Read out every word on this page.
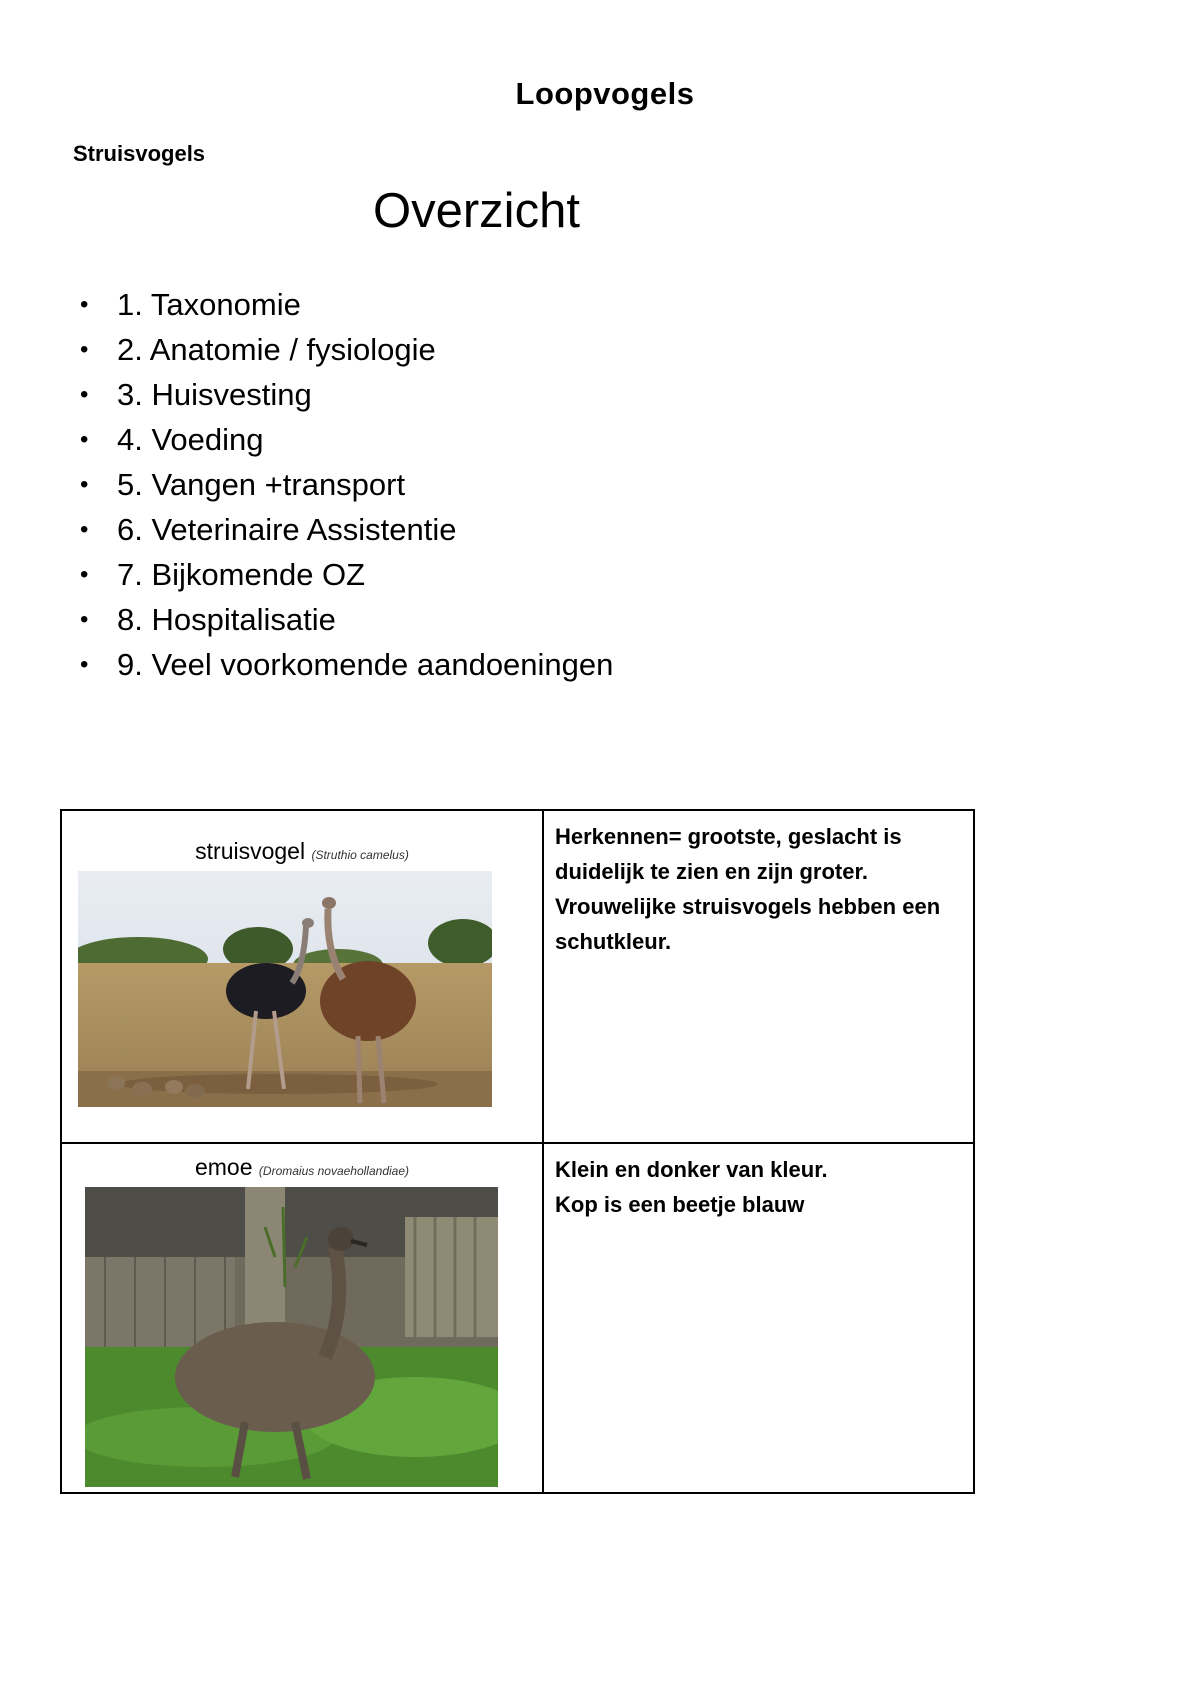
Loopvogels
Struisvogels
Overzicht
• 1. Taxonomie
• 2. Anatomie / fysiologie
• 3. Huisvesting
• 4. Voeding
• 5. Vangen +transport
• 6. Veterinaire Assistentie
• 7. Bijkomende OZ
• 8. Hospitalisatie
• 9. Veel voorkomende aandoeningen
struisvogel (Struthio camelus)	Herkennen= grootste, geslacht is duidelijk te zien en zijn groter.

Vrouwelijke struisvogels hebben een schutkleur.

emoe (Dromaius novaehollandiae)	Klein en donker van kleur.

Kop is een beetje blauw
